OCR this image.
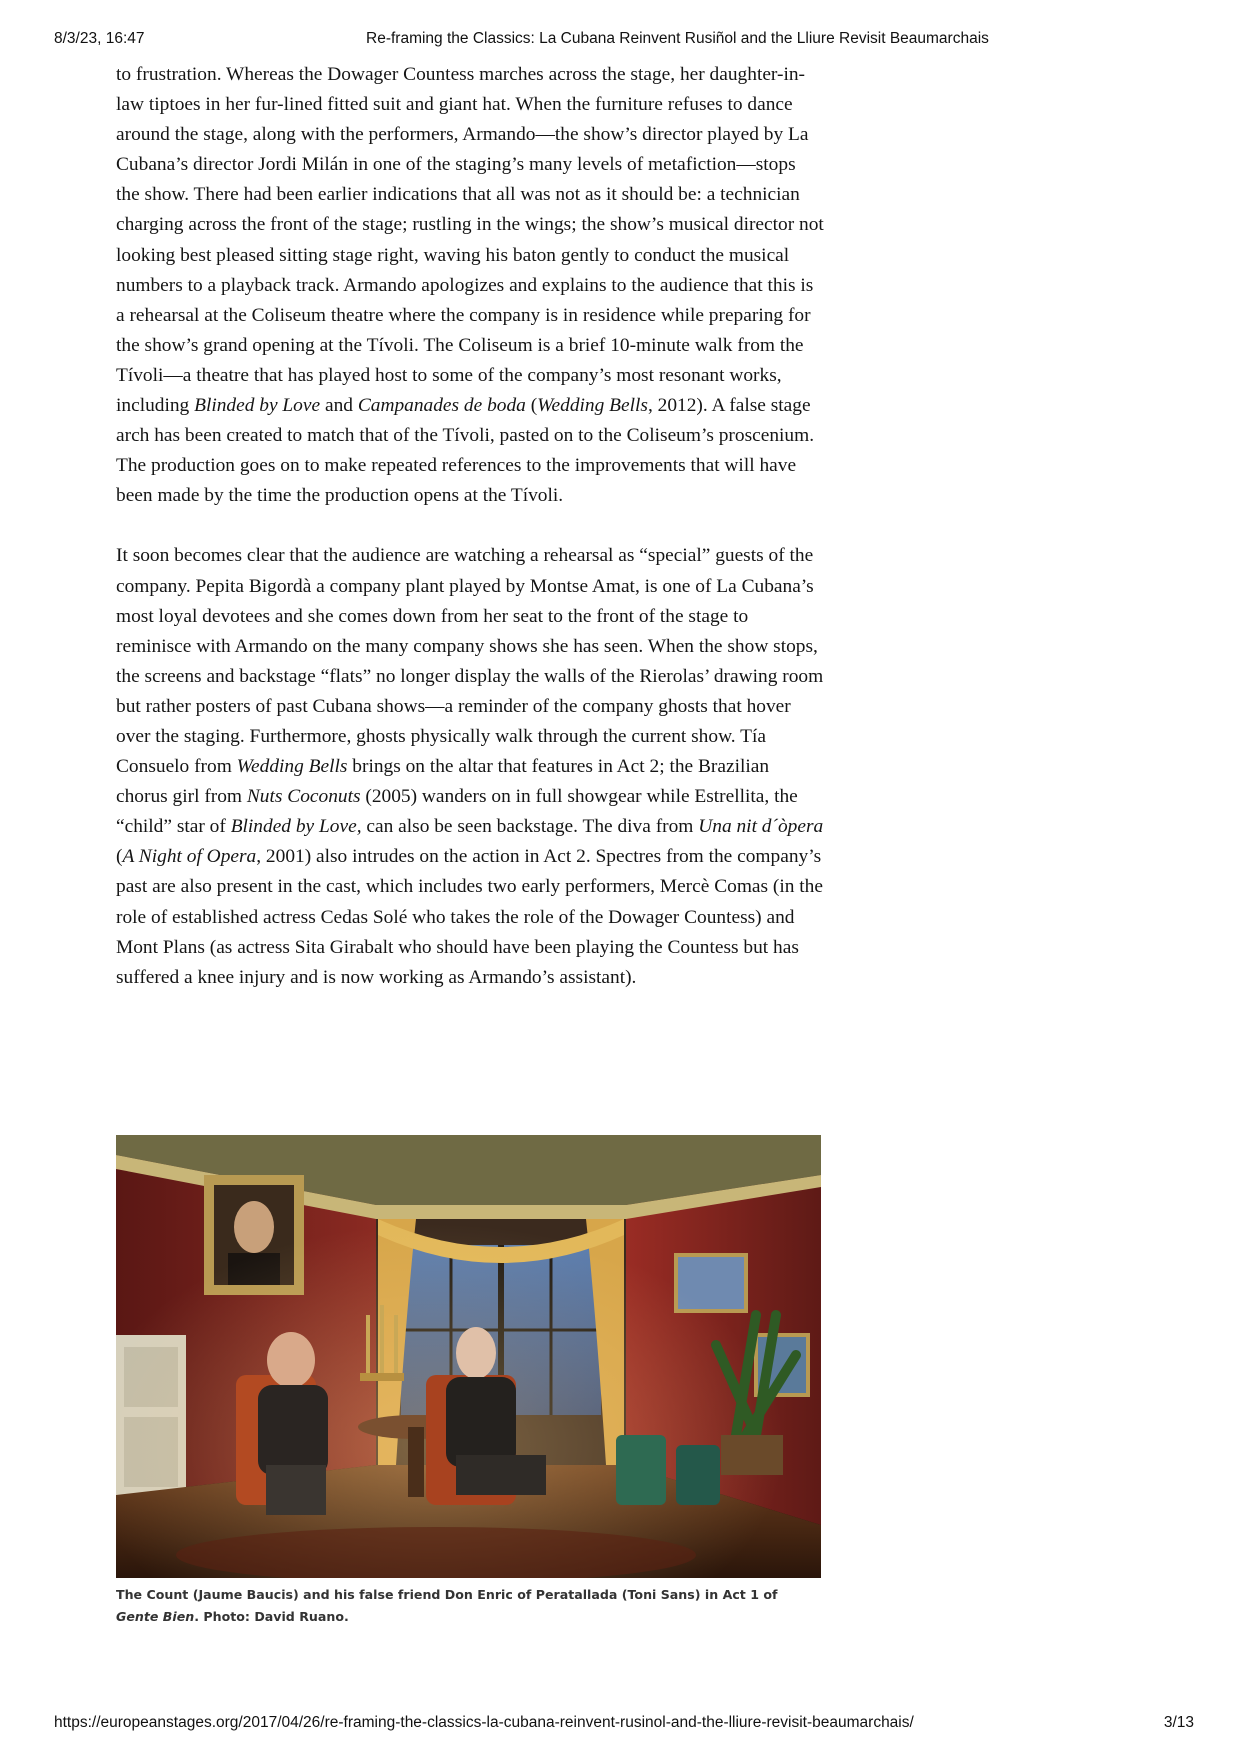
8/3/23, 16:47	Re-framing the Classics: La Cubana Reinvent Rusiñol and the Lliure Revisit Beaumarchais

to frustration. Whereas the Dowager Countess marches across the stage, her daughter-in-law tiptoes in her fur-lined fitted suit and giant hat. When the furniture refuses to dance around the stage, along with the performers, Armando—the show’s director played by La Cubana’s director Jordi Milán in one of the staging’s many levels of metafiction—stops the show. There had been earlier indications that all was not as it should be: a technician charging across the front of the stage; rustling in the wings; the show’s musical director not looking best pleased sitting stage right, waving his baton gently to conduct the musical numbers to a playback track. Armando apologizes and explains to the audience that this is a rehearsal at the Coliseum theatre where the company is in residence while preparing for the show’s grand opening at the Tívoli. The Coliseum is a brief 10-minute walk from the Tívoli—a theatre that has played host to some of the company’s most resonant works, including Blinded by Love and Campanades de boda (Wedding Bells, 2012). A false stage arch has been created to match that of the Tívoli, pasted on to the Coliseum’s proscenium. The production goes on to make repeated references to the improvements that will have been made by the time the production opens at the Tívoli.

It soon becomes clear that the audience are watching a rehearsal as “special” guests of the company. Pepita Bigordà a company plant played by Montse Amat, is one of La Cubana’s most loyal devotees and she comes down from her seat to the front of the stage to reminisce with Armando on the many company shows she has seen. When the show stops, the screens and backstage “flats” no longer display the walls of the Rierolas’ drawing room but rather posters of past Cubana shows—a reminder of the company ghosts that hover over the staging. Furthermore, ghosts physically walk through the current show. Tía Consuelo from Wedding Bells brings on the altar that features in Act 2; the Brazilian chorus girl from Nuts Coconuts (2005) wanders on in full showgear while Estrellita, the “child” star of Blinded by Love, can also be seen backstage. The diva from Una nit d´òpera (A Night of Opera, 2001) also intrudes on the action in Act 2. Spectres from the company’s past are also present in the cast, which includes two early performers, Mercè Comas (in the role of established actress Cedas Solé who takes the role of the Dowager Countess) and Mont Plans (as actress Sita Girabalt who should have been playing the Countess but has suffered a knee injury and is now working as Armando’s assistant).

The Count (Jaume Baucis) and his false friend Don Enric of Peratallada (Toni Sans) in Act 1 of Gente Bien. Photo: David Ruano.
https://europeanstages.org/2017/04/26/re-framing-the-classics-la-cubana-reinvent-rusinol-and-the-lliure-revisit-beaumarchais/	3/13
